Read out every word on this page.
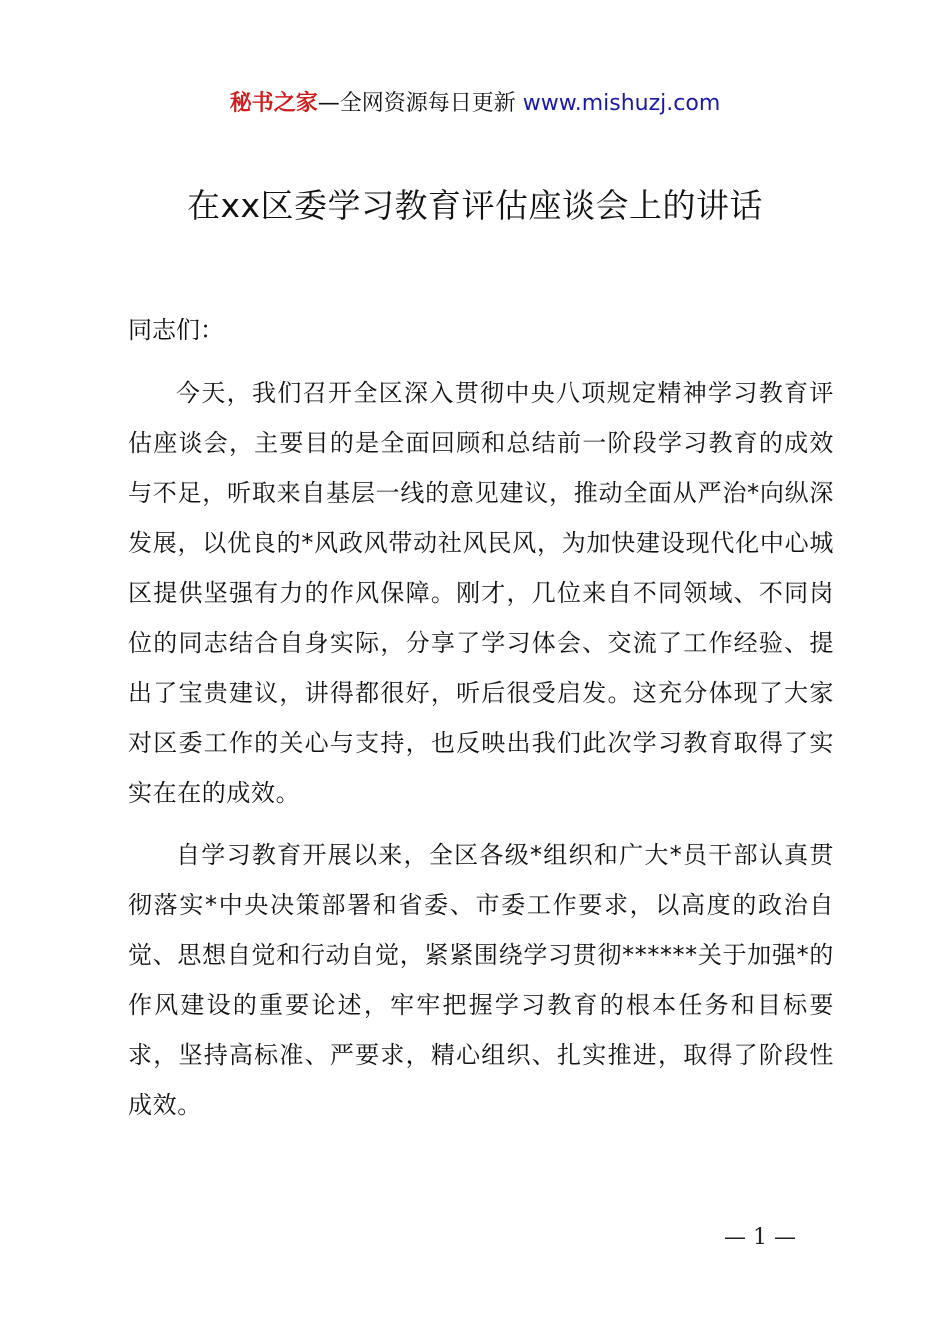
秘书之家—全网资源每日更新 www.mishuzj.com
在xx区委学习教育评估座谈会上的讲话
同志们：

今天，我们召开全区深入贯彻中央八项规定精神学习教育评估座谈会，主要目的是全面回顾和总结前一阶段学习教育的成效与不足，听取来自基层一线的意见建议，推动全面从严治*向纵深发展，以优良的*风政风带动社风民风，为加快建设现代化中心城区提供坚强有力的作风保障。刚才，几位来自不同领域、不同岗位的同志结合自身实际，分享了学习体会、交流了工作经验、提出了宝贵建议，讲得都很好，听后很受启发。这充分体现了大家对区委工作的关心与支持，也反映出我们此次学习教育取得了实实在在的成效。

自学习教育开展以来，全区各级*组织和广大*员干部认真贯彻落实*中央决策部署和省委、市委工作要求，以高度的政治自觉、思想自觉和行动自觉，紧紧围绕学习贯彻******关于加强*的作风建设的重要论述，牢牢把握学习教育的根本任务和目标要求，坚持高标准、严要求，精心组织、扎实推进，取得了阶段性成效。

— 1 —
